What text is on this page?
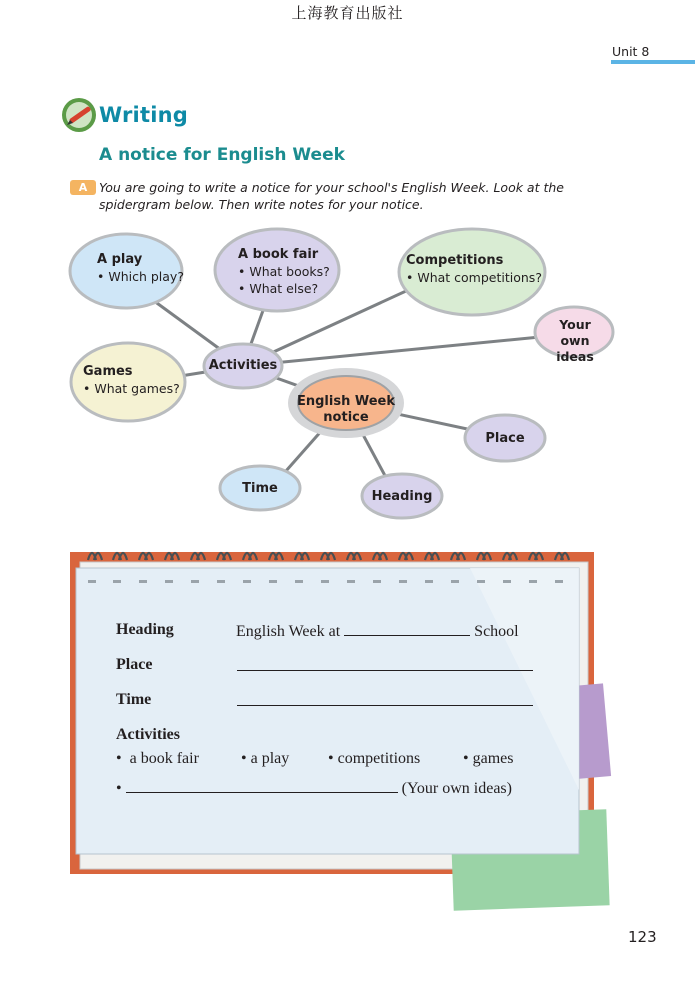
上海教育出版社
Unit 8
Writing
A notice for English Week
A You are going to write a notice for your school's English Week. Look at the spidergram below. Then write notes for your notice.
A play
• Which play?
A book fair
• What books?
• What else?
Competitions
• What competitions?
Your
own ideas
Games
• What games?
Activities
English Week
notice
Place
Time
Heading
Heading	English Week at	School
Place
Time
Activities
• a book fair	• a play • competitions	• games
•	(Your own ideas)
123
